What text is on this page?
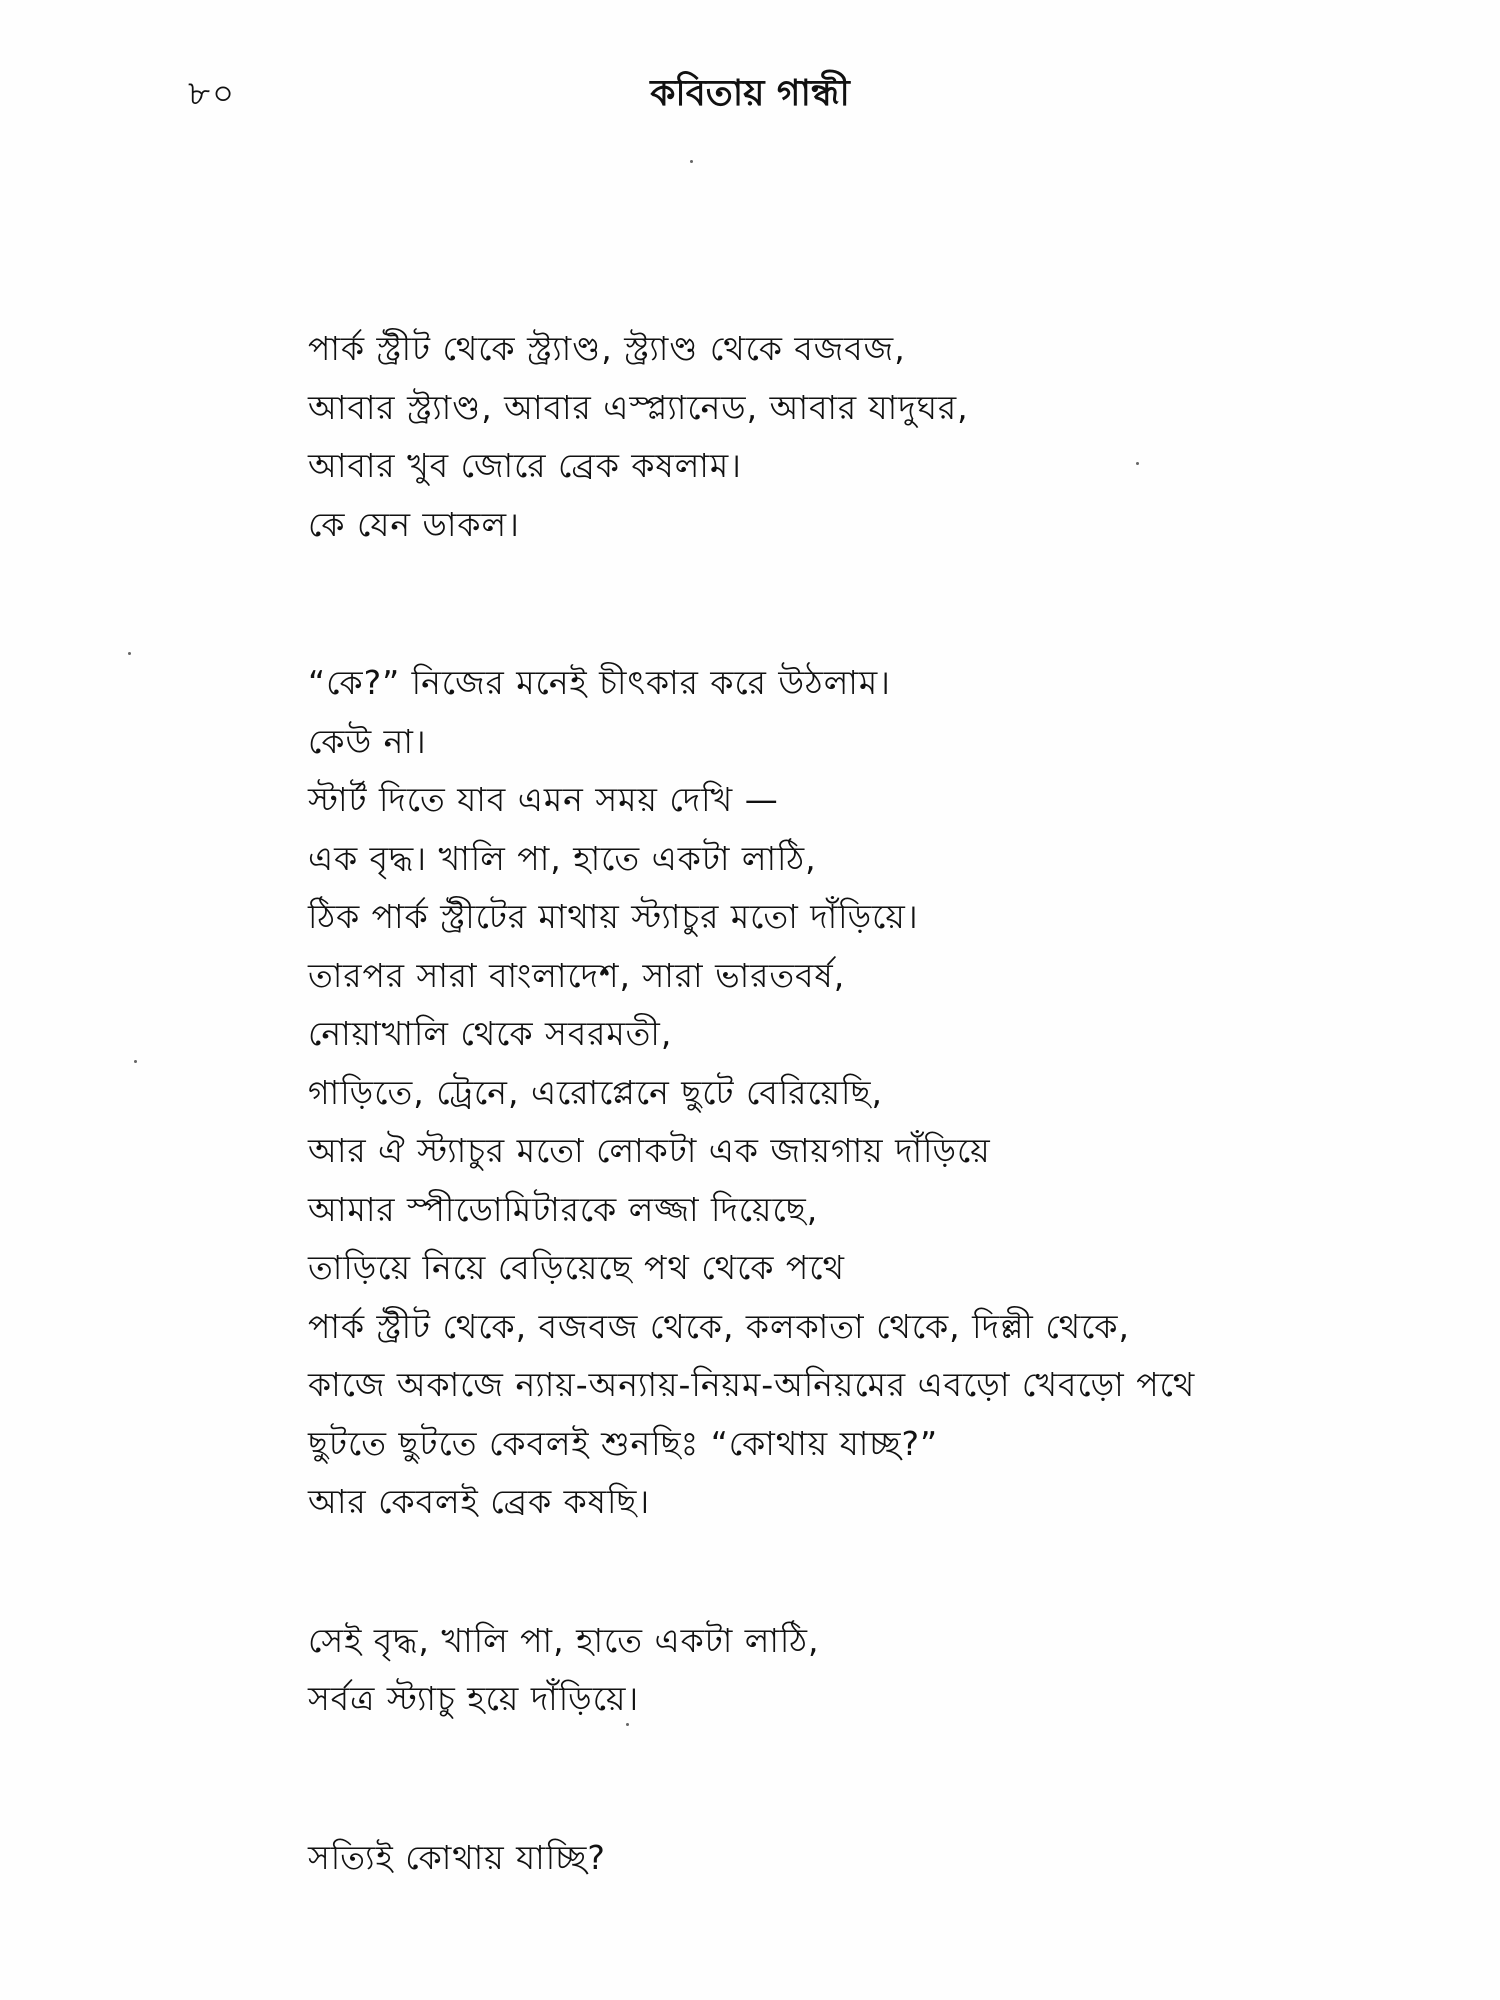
৮০	কবিতায় গান্ধী
পার্ক স্ট্রীট থেকে স্ট্র্যাণ্ড, স্ট্র্যাণ্ড থেকে বজবজ,
আবার স্ট্র্যাণ্ড, আবার এস্প্ল্যানেড, আবার যাদুঘর,
আবার খুব জোরে ব্রেক কষলাম।
কে যেন ডাকল।
“কে?” নিজের মনেই চীৎকার করে উঠলাম।
কেউ না।
স্টার্ট দিতে যাব এমন সময় দেখি —
এক বৃদ্ধ। খালি পা, হাতে একটা লাঠি,
ঠিক পার্ক স্ট্রীটের মাথায় স্ট্যাচুর মতো দাঁড়িয়ে।
তারপর সারা বাংলাদেশ, সারা ভারতবর্ষ,
নোয়াখালি থেকে সবরমতী,
গাড়িতে, ট্রেনে, এরোপ্লেনে ছুটে বেরিয়েছি,
আর ঐ স্ট্যাচুর মতো লোকটা এক জায়গায় দাঁড়িয়ে
আমার স্পীডোমিটারকে লজ্জা দিয়েছে,
তাড়িয়ে নিয়ে বেড়িয়েছে পথ থেকে পথে
পার্ক স্ট্রীট থেকে, বজবজ থেকে, কলকাতা থেকে, দিল্লী থেকে,
কাজে অকাজে ন্যায়-অন্যায়-নিয়ম-অনিয়মের এবড়ো খেবড়ো পথে
ছুটতে ছুটতে কেবলই শুনছিঃ “কোথায় যাচ্ছ?”
আর কেবলই ব্রেক কষছি।
সেই বৃদ্ধ, খালি পা, হাতে একটা লাঠি,
সর্বত্র স্ট্যাচু হয়ে দাঁড়িয়ে।
সত্যিই কোথায় যাচ্ছি?
